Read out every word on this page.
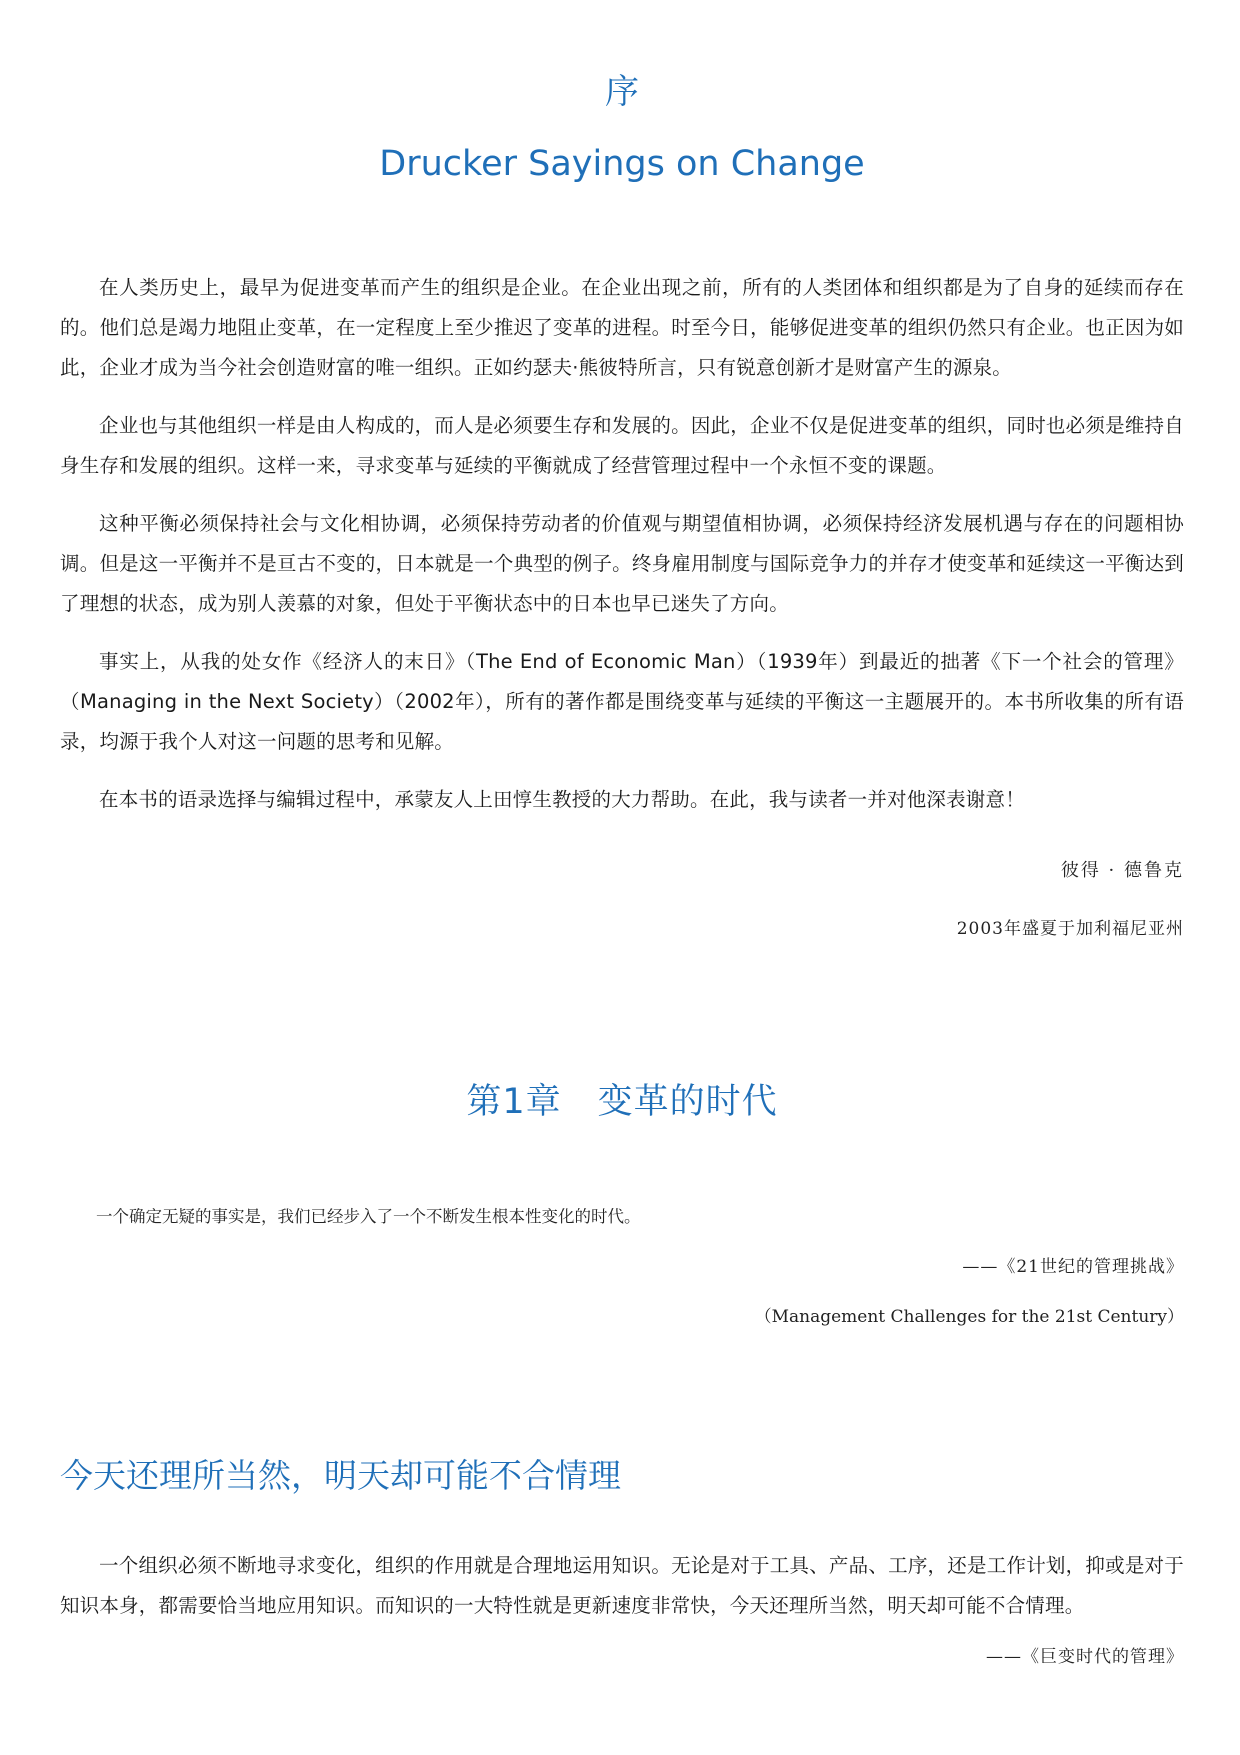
序
Drucker Sayings on Change

在人类历史上，最早为促进变革而产生的组织是企业。在企业出现之前，所有的人类团体和组织都是为了自身的延续而存在的。他们总是竭力地阻止变革，在一定程度上至少推迟了变革的进程。时至今日，能够促进变革的组织仍然只有企业。也正因为如此，企业才成为当今社会创造财富的唯一组织。正如约瑟夫·熊彼特所言，只有锐意创新才是财富产生的源泉。

企业也与其他组织一样是由人构成的，而人是必须要生存和发展的。因此，企业不仅是促进变革的组织，同时也必须是维持自身生存和发展的组织。这样一来，寻求变革与延续的平衡就成了经营管理过程中一个永恒不变的课题。

这种平衡必须保持社会与文化相协调，必须保持劳动者的价值观与期望值相协调，必须保持经济发展机遇与存在的问题相协调。但是这一平衡并不是亘古不变的，日本就是一个典型的例子。终身雇用制度与国际竞争力的并存才使变革和延续这一平衡达到了理想的状态，成为别人羡慕的对象，但处于平衡状态中的日本也早已迷失了方向。

事实上，从我的处女作《经济人的末日》（The End of Economic Man）（1939年）到最近的拙著《下一个社会的管理》（Managing in the Next Society）（2002年），所有的著作都是围绕变革与延续的平衡这一主题展开的。本书所收集的所有语录，均源于我个人对这一问题的思考和见解。

在本书的语录选择与编辑过程中，承蒙友人上田惇生教授的大力帮助。在此，我与读者一并对他深表谢意！

彼得 · 德鲁克
2003年盛夏于加利福尼亚州
第1章　变革的时代
一个确定无疑的事实是，我们已经步入了一个不断发生根本性变化的时代。
——《21世纪的管理挑战》
（Management Challenges for the 21st Century）
今天还理所当然，明天却可能不合情理

一个组织必须不断地寻求变化，组织的作用就是合理地运用知识。无论是对于工具、产品、工序，还是工作计划，抑或是对于知识本身，都需要恰当地应用知识。而知识的一大特性就是更新速度非常快，今天还理所当然，明天却可能不合情理。

——《巨变时代的管理》
